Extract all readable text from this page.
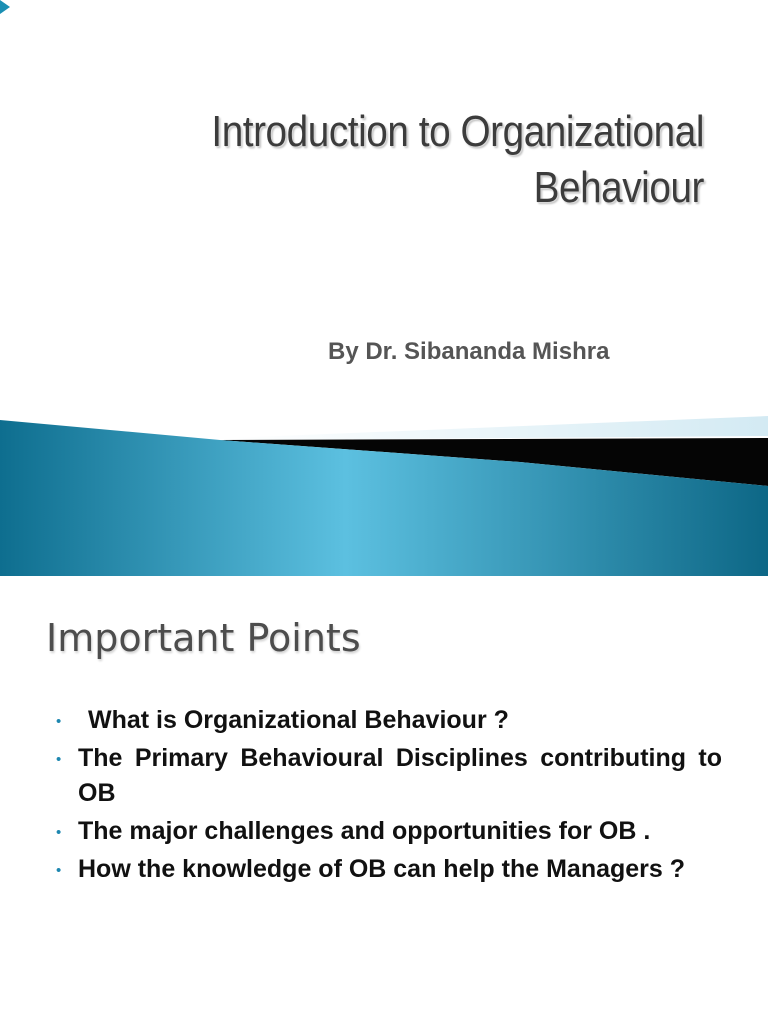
Introduction to Organizational
Behaviour
By Dr. Sibananda Mishra
Important Points
•	What is Organizational Behaviour ?
• The Primary Behavioural Disciplines contributing to OB
• The major challenges and opportunities for OB .
• How the knowledge of OB can help the Managers ?
